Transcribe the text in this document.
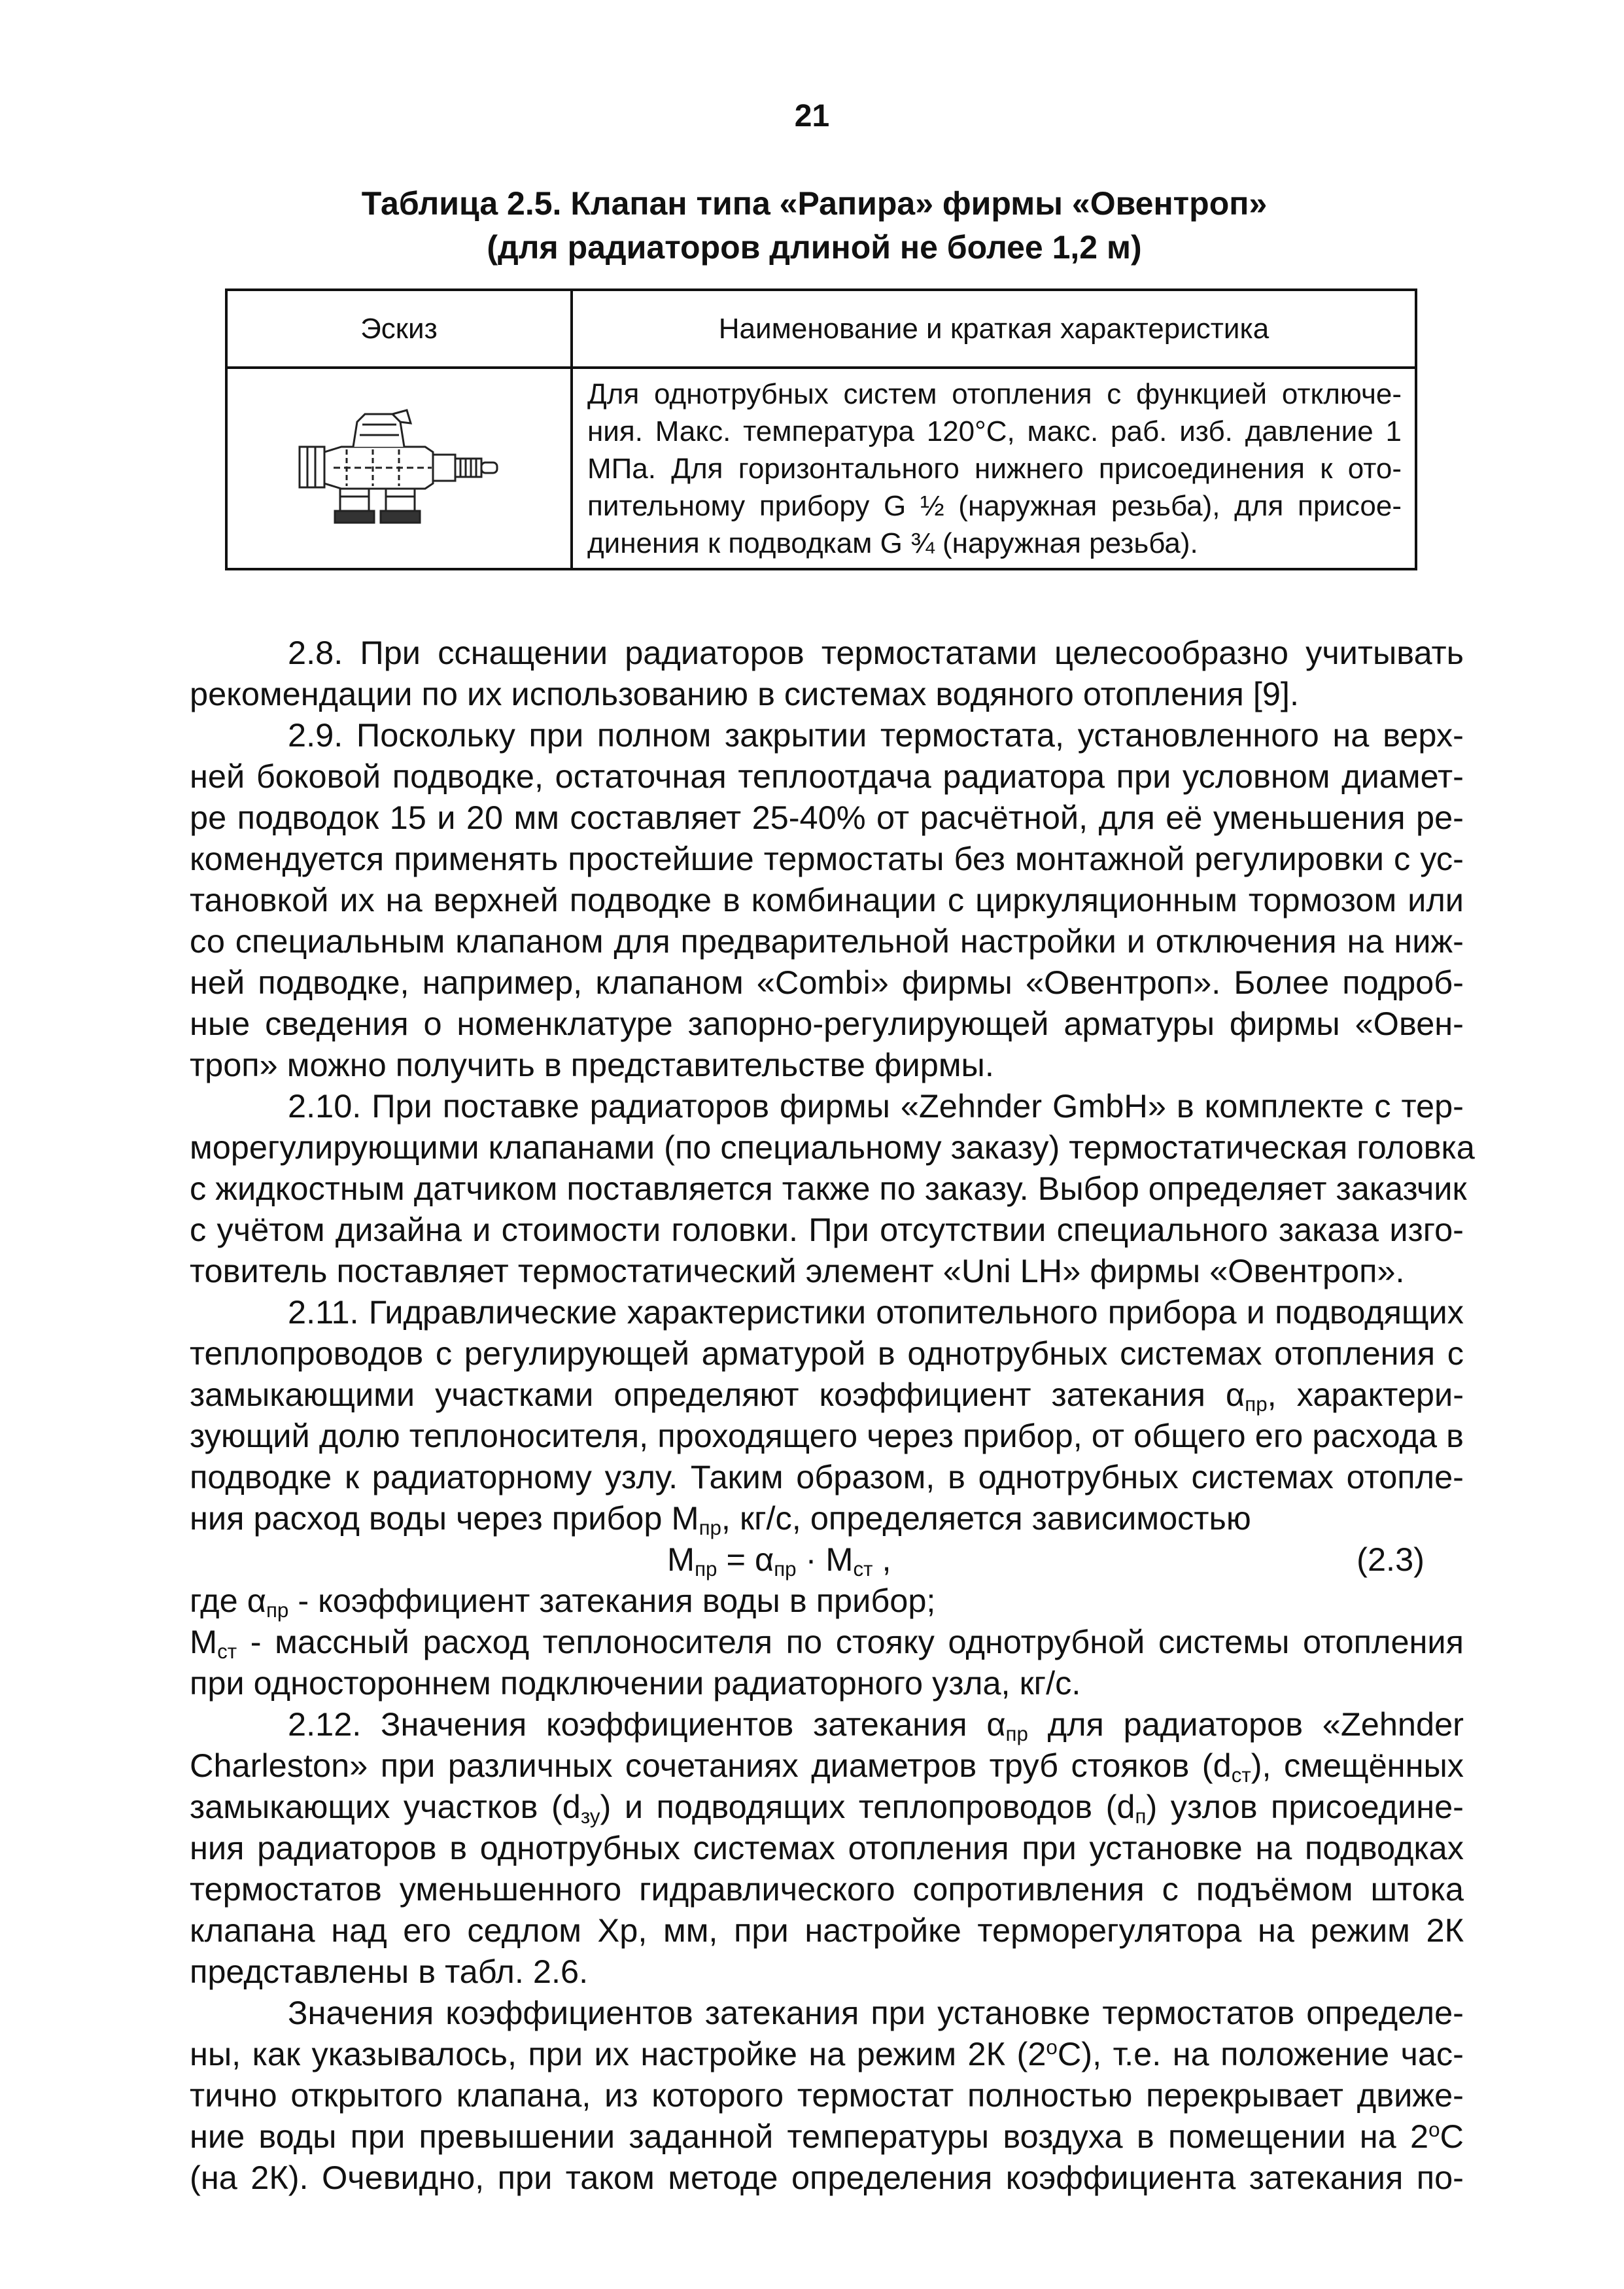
21
Таблица 2.5. Клапан типа «Рапира» фирмы «Овентроп»
(для радиаторов длиной не более 1,2 м)
Эскиз	Наименование и краткая характеристика

Для однотрубных систем отопления с функцией отключе-
ния. Макс. температура 120°С, макс. раб. изб. давление 1
МПа. Для горизонтального нижнего присоединения к ото-
пительному прибору G ½ (наружная резьба), для присое-
динения к подводкам G ¾ (наружная резьба).
2.8. При сснащении радиаторов термостатами целесообразно учитывать
рекомендации по их использованию в системах водяного отопления [9].
2.9. Поскольку при полном закрытии термостата, установленного на верх-
ней боковой подводке, остаточная теплоотдача радиатора при условном диамет-
ре подводок 15 и 20 мм составляет 25-40% от расчётной, для её уменьшения ре-
комендуется применять простейшие термостаты без монтажной регулировки с ус-
тановкой их на верхней подводке в комбинации с циркуляционным тормозом или
со специальным клапаном для предварительной настройки и отключения на ниж-
ней подводке, например, клапаном «Combi» фирмы «Овентроп». Более подроб-
ные сведения о номенклатуре запорно-регулирующей арматуры фирмы «Овен-
троп» можно получить в представительстве фирмы.
2.10. При поставке радиаторов фирмы «Zehnder GmbH» в комплекте с тер-
морегулирующими клапанами (по специальному заказу) термостатическая головка
с жидкостным датчиком поставляется также по заказу. Выбор определяет заказчик
с учётом дизайна и стоимости головки. При отсутствии специального заказа изго-
товитель поставляет термостатический элемент «Uni LH» фирмы «Овентроп».
2.11. Гидравлические характеристики отопительного прибора и подводящих
теплопроводов с регулирующей арматурой в однотрубных системах отопления с
замыкающими участками определяют коэффициент затекания $\alpha_{пр}$, характери-
зующий долю теплоносителя, проходящего через прибор, от общего его расхода в
подводке к радиаторному узлу. Таким образом, в однотрубных системах отопле-
ния расход воды через прибор $М_{пр}$, кг/с, определяется зависимостью
$М_{пр} = \alpha_{пр} \cdot М_{ст}$ ,	(2.3)
где $\alpha_{пр}$ - коэффициент затекания воды в прибор;
$М_{ст}$ - массный расход теплоносителя по стояку однотрубной системы отопления
при одностороннем подключении радиаторного узла, кг/с.
2.12. Значения коэффициентов затекания $\alpha_{пр}$ для радиаторов «Zehnder
Charleston» при различных сочетаниях диаметров труб стояков $(d_{ст})$, смещённых
замыкающих участков $(d_{зу})$ и подводящих теплопроводов $(d_п)$ узлов присоедине-
ния радиаторов в однотрубных системах отопления при установке на подводках
термостатов уменьшенного гидравлического сопротивления с подъёмом штока
клапана над его седлом Хр, мм, при настройке терморегулятора на режим 2К
представлены в табл. 2.6.
Значения коэффициентов затекания при установке термостатов определе-
ны, как указывалось, при их настройке на режим 2К $(2^оС)$, т.е. на положение час-
тично открытого клапана, из которого термостат полностью перекрывает движе-
ние воды при превышении заданной температуры воздуха в помещении на $2^оС$
(на 2К). Очевидно, при таком методе определения коэффициента затекания по-
